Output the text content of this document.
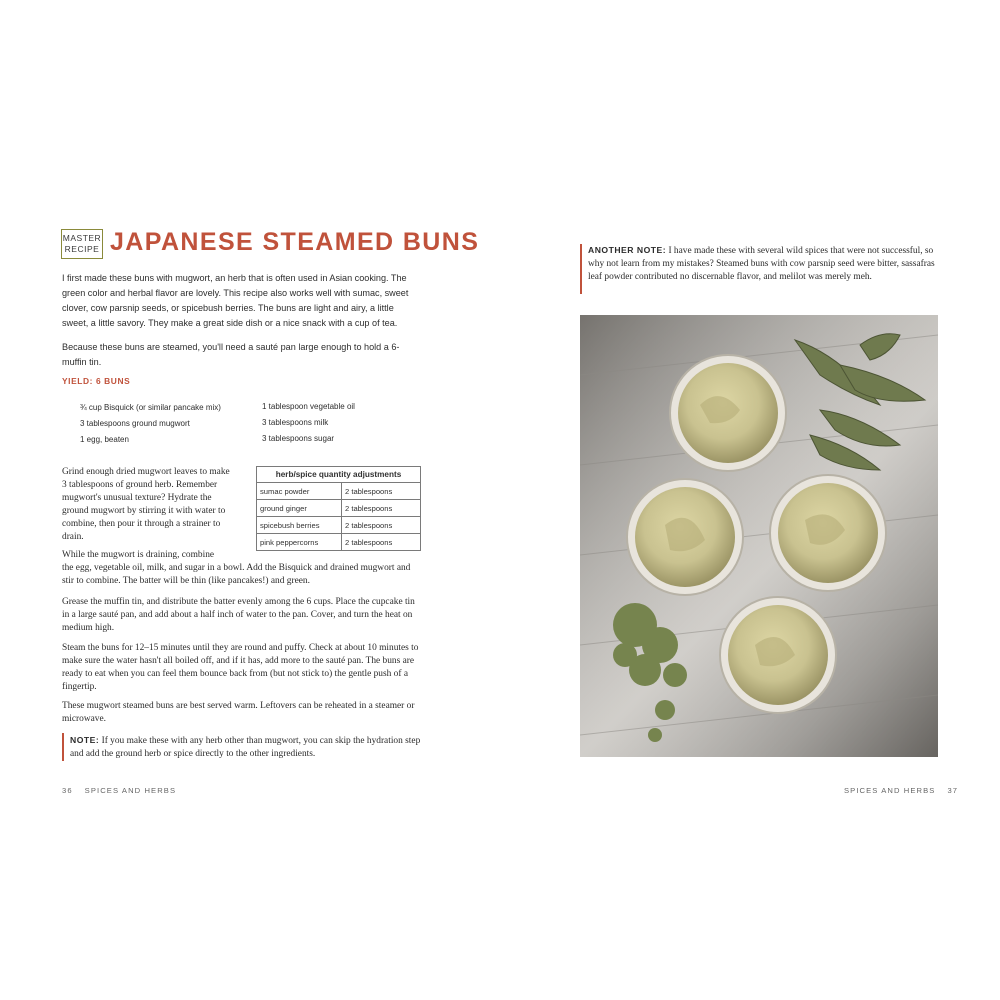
MASTER
RECIPE JAPANESE STEAMED BUNS

I first made these buns with mugwort, an herb that is often used in Asian cooking. The green color and herbal flavor are lovely. This recipe also works well with sumac, sweet clover, cow parsnip seeds, or spicebush berries. The buns are light and airy, a little sweet, a little savory. They make a great side dish or a nice snack with a cup of tea.

Because these buns are steamed, you'll need a sauté pan large enough to hold a 6-muffin tin.

YIELD: 6 BUNS

¾ cup Bisquick (or similar pancake mix)
3 tablespoons ground mugwort
1 egg, beaten
1 tablespoon vegetable oil
3 tablespoons milk
3 tablespoons sugar

Grind enough dried mugwort leaves to make 3 tablespoons of ground herb. Remember mugwort's unusual texture? Hydrate the ground mugwort by stirring it with water to combine, then pour it through a strainer to drain.

herb/spice quantity adjustments	
sumac powder	2 tablespoons
ground ginger	2 tablespoons
spicebush berries	2 tablespoons
pink peppercorns	2 tablespoons

While the mugwort is draining, combine

the egg, vegetable oil, milk, and sugar in a bowl. Add the Bisquick and drained mugwort and stir to combine. The batter will be thin (like pancakes!) and green.

Grease the muffin tin, and distribute the batter evenly among the 6 cups. Place the cupcake tin in a large sauté pan, and add about a half inch of water to the pan. Cover, and turn the heat on medium high.

Steam the buns for 12–15 minutes until they are round and puffy. Check at about 10 minutes to make sure the water hasn't all boiled off, and if it has, add more to the sauté pan. The buns are ready to eat when you can feel them bounce back from (but not stick to) the gentle push of a fingertip.

These mugwort steamed buns are best served warm. Leftovers can be reheated in a steamer or microwave.

NOTE: If you make these with any herb other than mugwort, you can skip the hydration step and add the ground herb or spice directly to the other ingredients.

36 SPICES AND HERBS

ANOTHER NOTE: I have made these with several wild spices that were not successful, so why not learn from my mistakes? Steamed buns with cow parsnip seed were bitter, sassafras leaf powder contributed no discernable flavor, and melilot was merely meh.

SPICES AND HERBS 37
